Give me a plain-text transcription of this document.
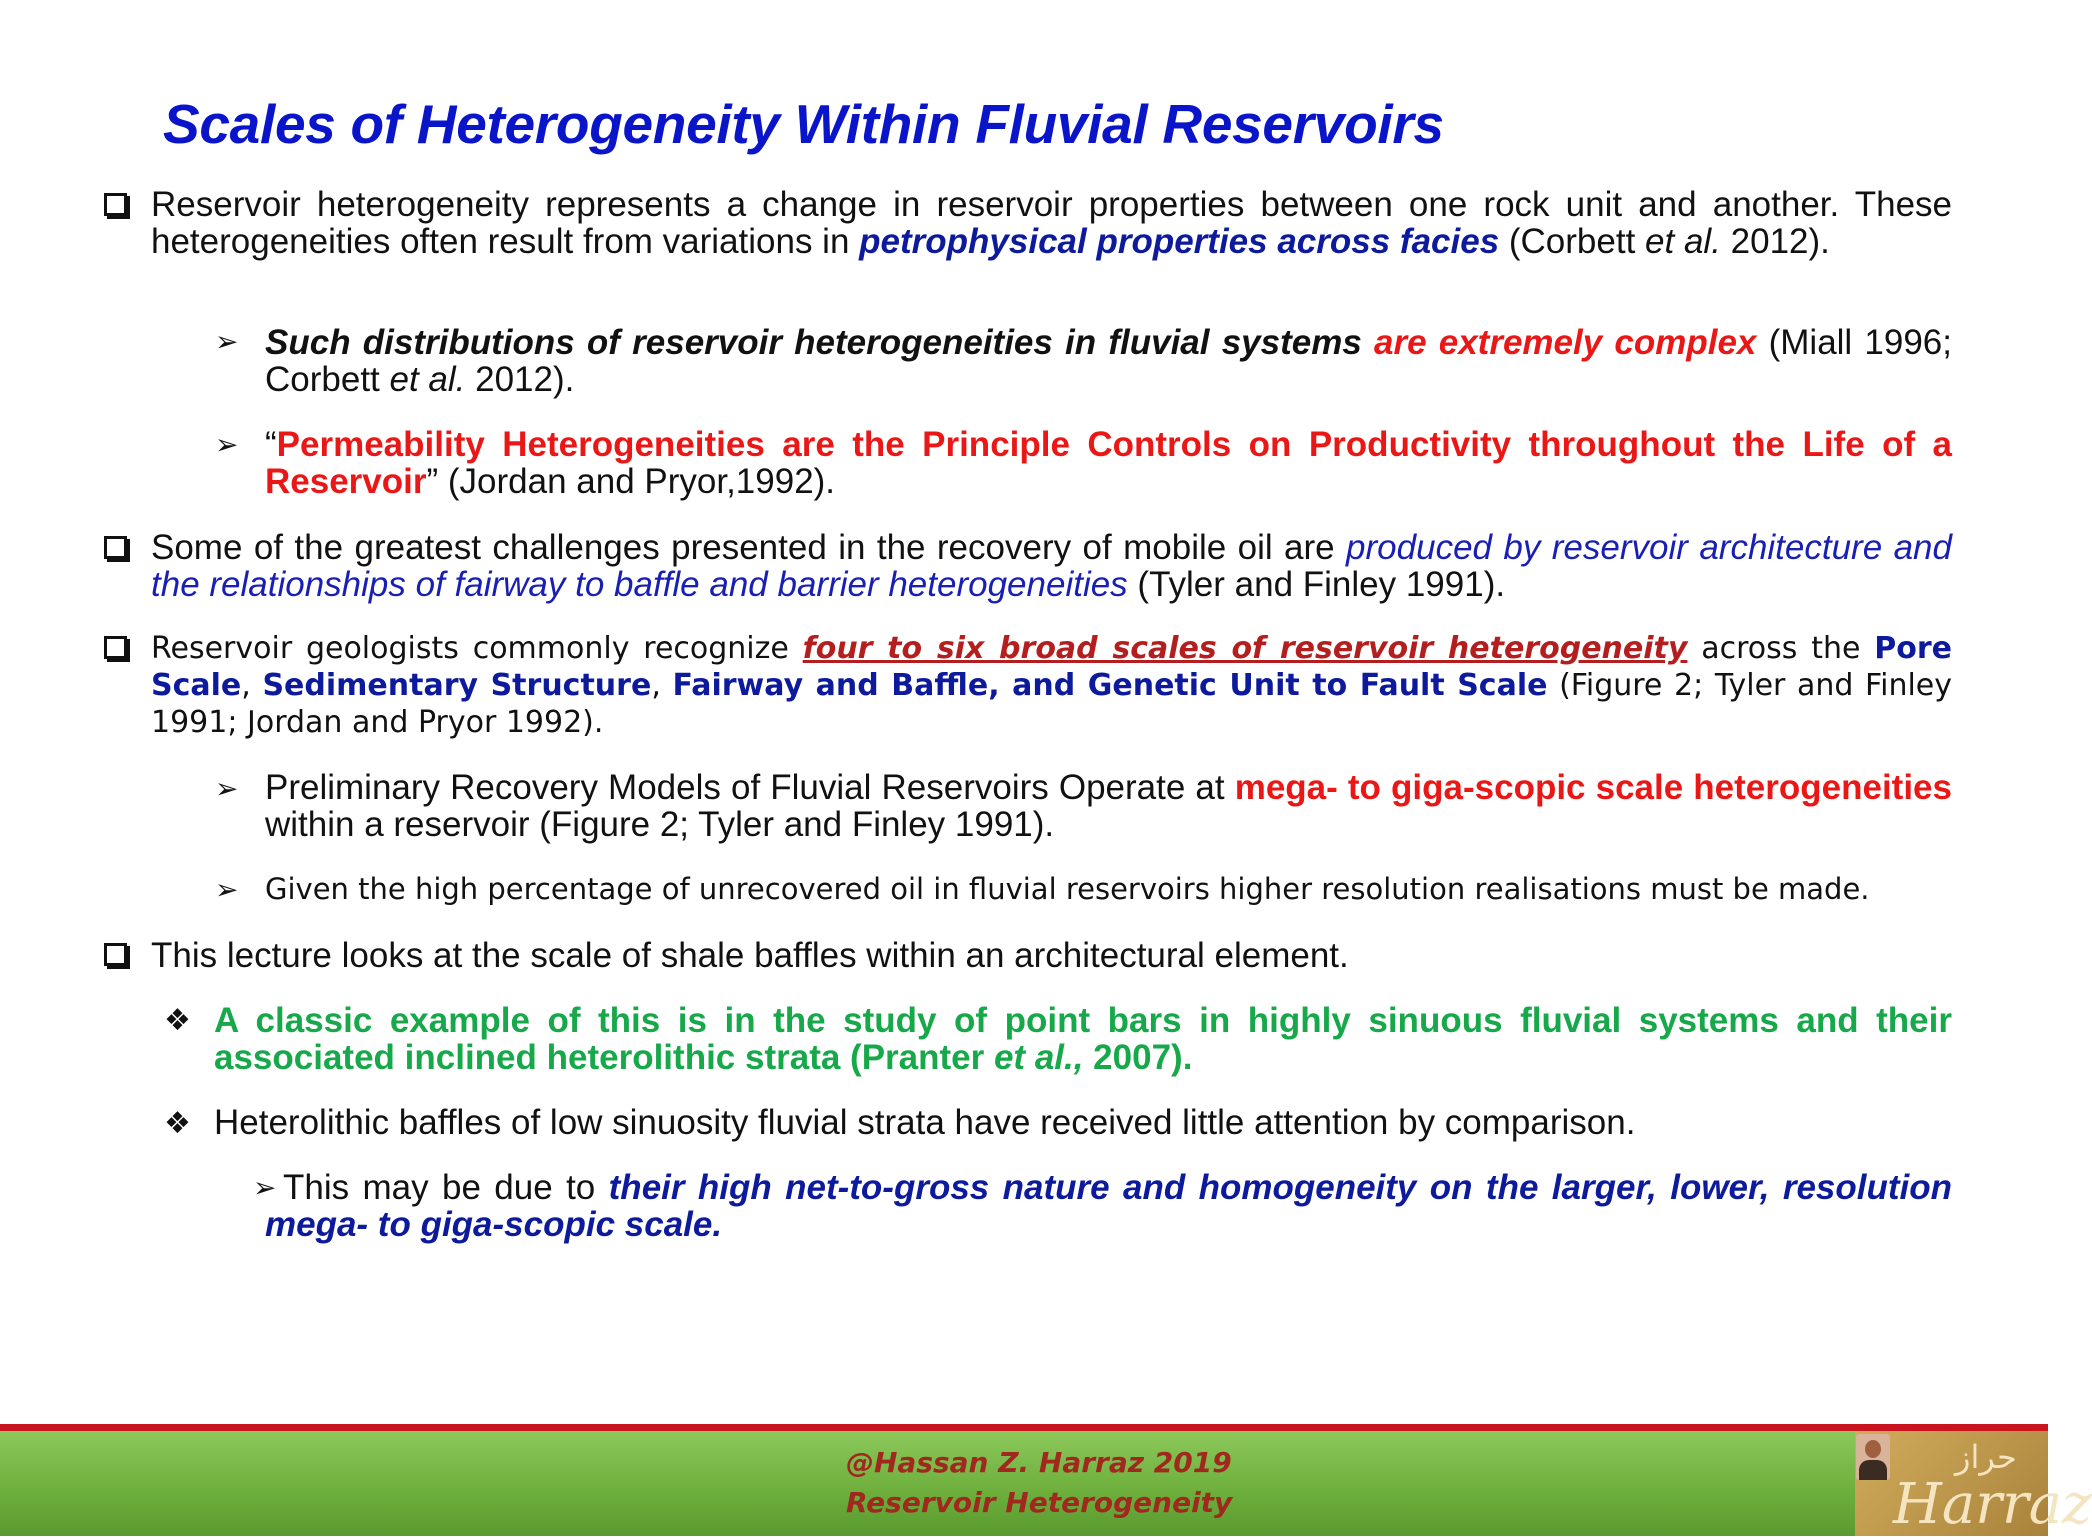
Scales of Heterogeneity Within Fluvial Reservoirs
Reservoir heterogeneity represents a change in reservoir properties between one rock unit and another. These heterogeneities often result from variations in petrophysical properties across facies (Corbett et al. 2012).
➢ Such distributions of reservoir heterogeneities in fluvial systems are extremely complex (Miall 1996; Corbett et al. 2012).
➢ “Permeability Heterogeneities are the Principle Controls on Productivity throughout the Life of a Reservoir” (Jordan and Pryor,1992).
Some of the greatest challenges presented in the recovery of mobile oil are produced by reservoir architecture and the relationships of fairway to baffle and barrier heterogeneities (Tyler and Finley 1991).
Reservoir geologists commonly recognize four to six broad scales of reservoir heterogeneity across the Pore Scale, Sedimentary Structure, Fairway and Baffle, and Genetic Unit to Fault Scale (Figure 2; Tyler and Finley 1991; Jordan and Pryor 1992).
➢ Preliminary Recovery Models of Fluvial Reservoirs Operate at mega- to giga-scopic scale heterogeneities within a reservoir (Figure 2; Tyler and Finley 1991).
➢ Given the high percentage of unrecovered oil in fluvial reservoirs higher resolution realisations must be made.
This lecture looks at the scale of shale baffles within an architectural element.
❖ A classic example of this is in the study of point bars in highly sinuous fluvial systems and their associated inclined heterolithic strata (Pranter et al., 2007).
❖ Heterolithic baffles of low sinuosity fluvial strata have received little attention by comparison.
➢ This may be due to their high net-to-gross nature and homogeneity on the larger, lower, resolution mega- to giga-scopic scale.
@Hassan Z. Harraz 2019
Reservoir Heterogeneity
حراز
Harraz
